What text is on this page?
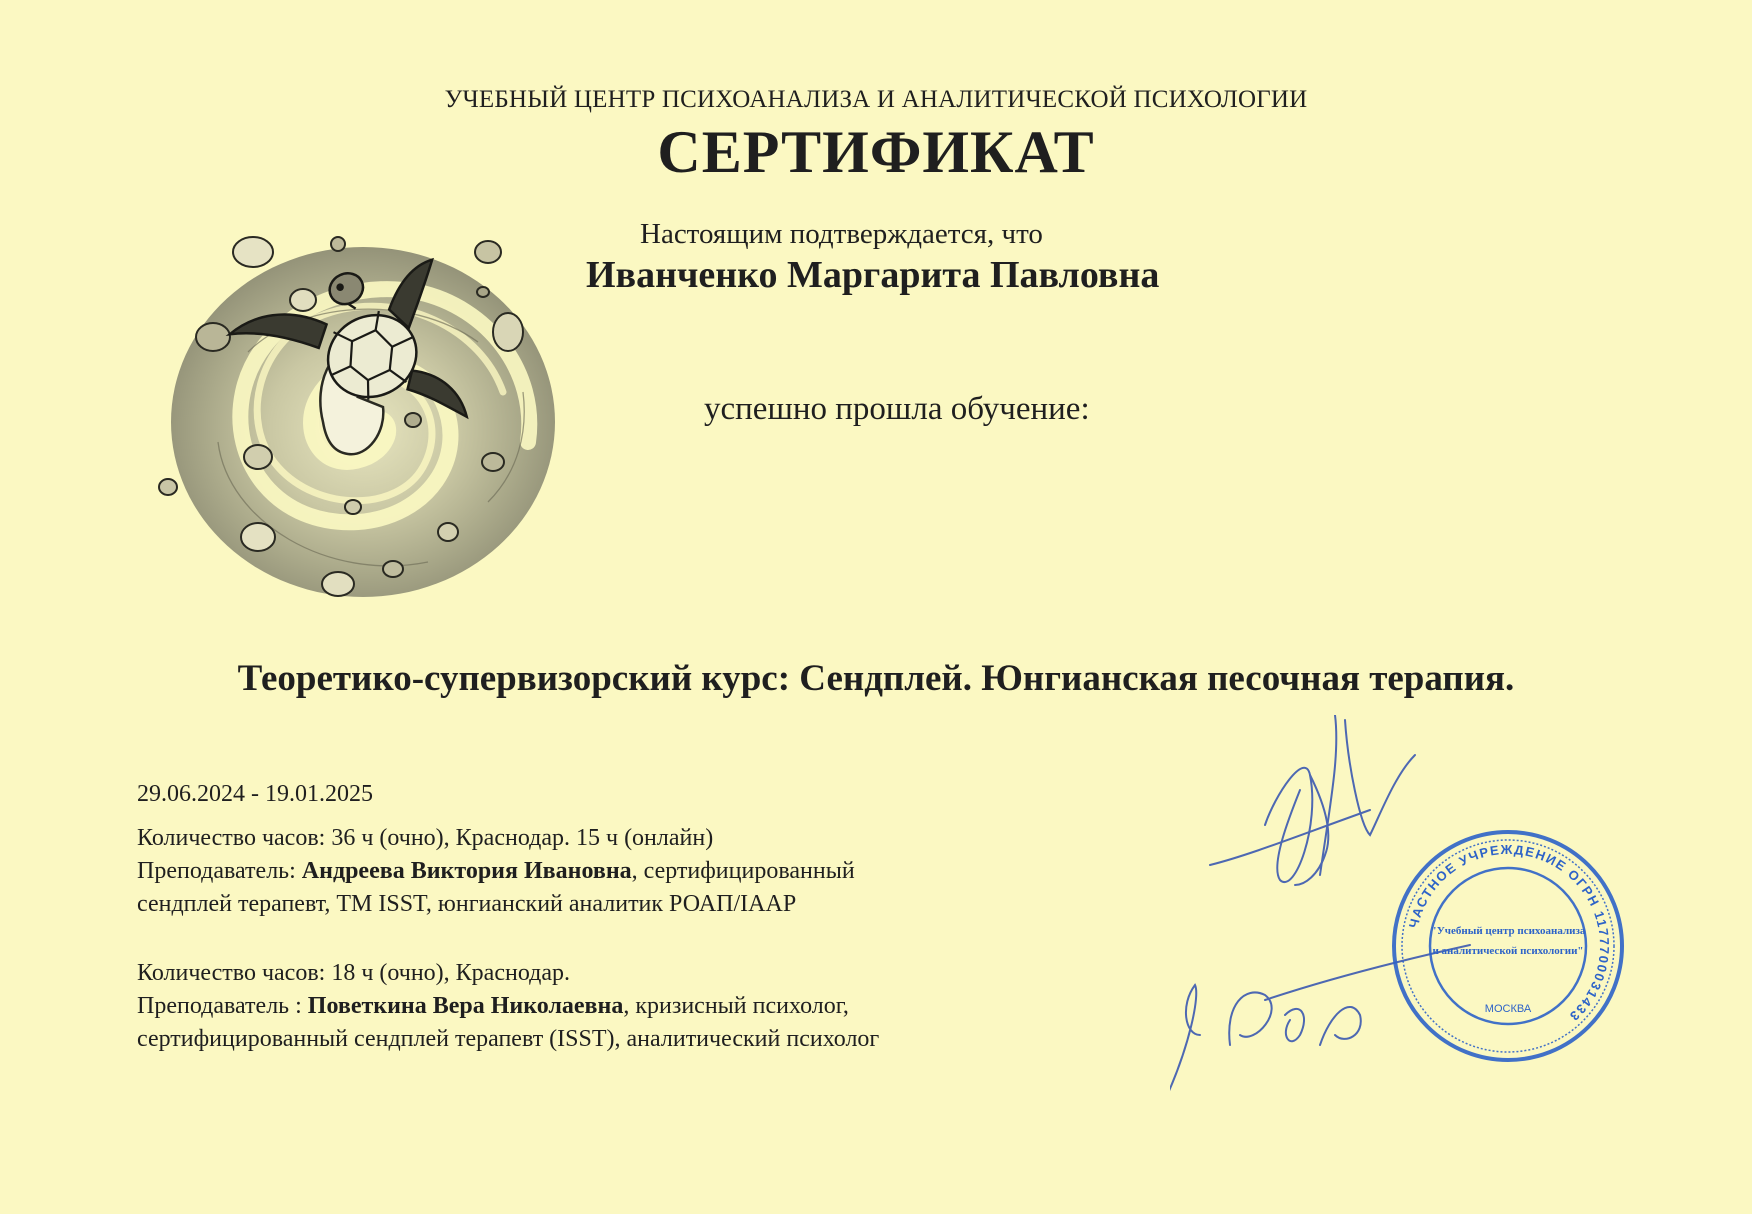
УЧЕБНЫЙ ЦЕНТР ПСИХОАНАЛИЗА И АНАЛИТИЧЕСКОЙ ПСИХОЛОГИИ
СЕРТИФИКАТ
Настоящим подтверждается, что
Иванченко Маргарита Павловна
успешно прошла обучение:
Теоретико-супервизорский курс: Сендплей. Юнгианская песочная терапия.
29.06.2024 - 19.01.2025
Количество часов: 36 ч (очно), Краснодар. 15 ч (онлайн)
Преподаватель: Андреева Виктория Ивановна, сертифицированный
сендплей терапевт, TM ISST, юнгианский аналитик РОАП/IAAP
Количество часов: 18 ч (очно), Краснодар.
Преподаватель : Поветкина Вера Николаевна, кризисный психолог,
сертифицированный сендплей терапевт (ISST), аналитический психолог
ЧАСТНОЕ УЧРЕЖДЕНИЕ ОГРН 1177700031433
"Учебный центр психоанализа
и аналитической психологии"
МОСКВА
